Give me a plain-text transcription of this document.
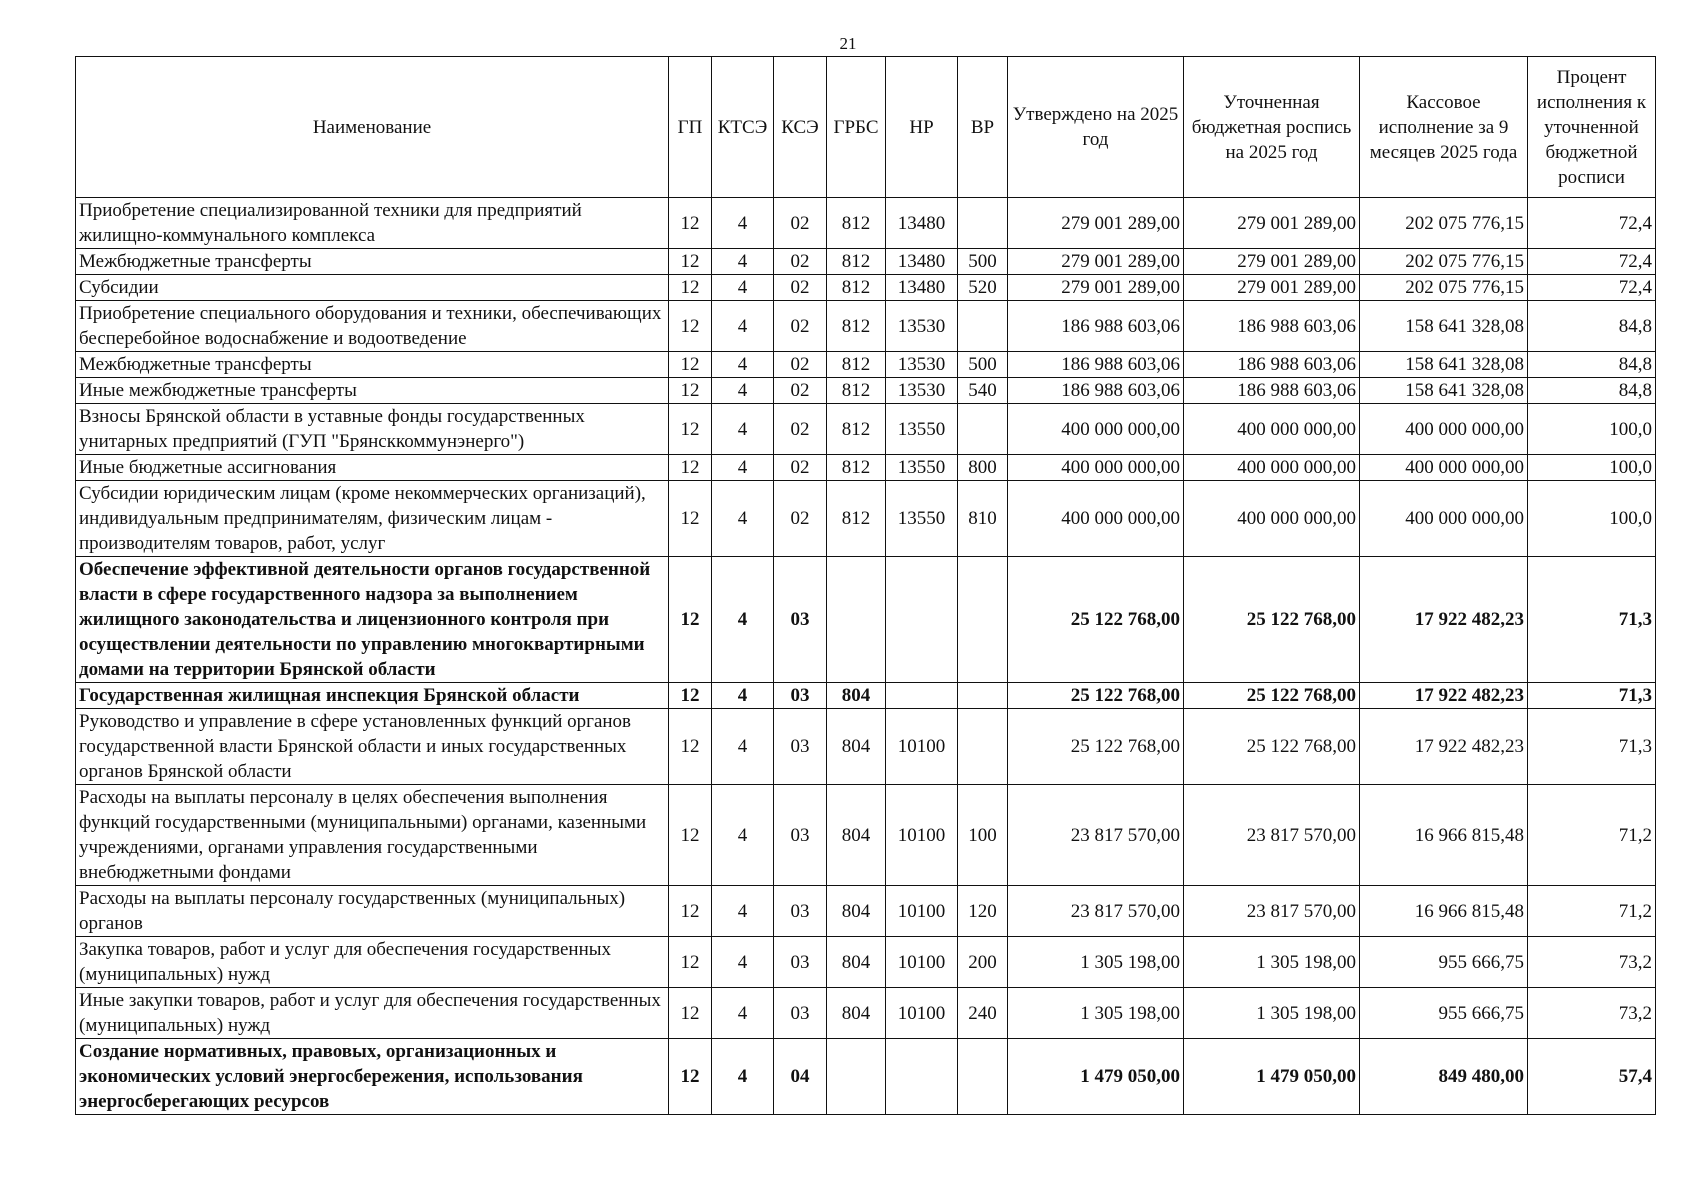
21
Наименование	ГП	КТСЭ	КСЭ	ГРБС	НР	ВР	Утверждено на 2025 год	Уточненная бюджетная роспись на 2025 год	Кассовое исполнение за 9 месяцев 2025 года	Процент исполнения к уточненной бюджетной росписи
Приобретение специализированной техники для предприятий жилищно-коммунального комплекса	12	4	02	812	13480		279 001 289,00	279 001 289,00	202 075 776,15	72,4
Межбюджетные трансферты	12	4	02	812	13480	500	279 001 289,00	279 001 289,00	202 075 776,15	72,4
Субсидии	12	4	02	812	13480	520	279 001 289,00	279 001 289,00	202 075 776,15	72,4
Приобретение специального оборудования и техники, обеспечивающих бесперебойное водоснабжение и водоотведение	12	4	02	812	13530		186 988 603,06	186 988 603,06	158 641 328,08	84,8
Межбюджетные трансферты	12	4	02	812	13530	500	186 988 603,06	186 988 603,06	158 641 328,08	84,8
Иные межбюджетные трансферты	12	4	02	812	13530	540	186 988 603,06	186 988 603,06	158 641 328,08	84,8
Взносы Брянской области в уставные фонды государственных унитарных предприятий (ГУП "Брянсккоммунэнерго")	12	4	02	812	13550		400 000 000,00	400 000 000,00	400 000 000,00	100,0
Иные бюджетные ассигнования	12	4	02	812	13550	800	400 000 000,00	400 000 000,00	400 000 000,00	100,0
Субсидии юридическим лицам (кроме некоммерческих организаций), индивидуальным предпринимателям, физическим лицам - производителям товаров, работ, услуг	12	4	02	812	13550	810	400 000 000,00	400 000 000,00	400 000 000,00	100,0
Обеспечение эффективной деятельности органов государственной власти в сфере государственного надзора за выполнением жилищного законодательства и лицензионного контроля при осуществлении деятельности по управлению многоквартирными домами на территории Брянской области	12	4	03				25 122 768,00	25 122 768,00	17 922 482,23	71,3
Государственная жилищная инспекция Брянской области	12	4	03	804			25 122 768,00	25 122 768,00	17 922 482,23	71,3
Руководство и управление в сфере установленных функций органов государственной власти Брянской области и иных государственных органов Брянской области	12	4	03	804	10100		25 122 768,00	25 122 768,00	17 922 482,23	71,3
Расходы на выплаты персоналу в целях обеспечения выполнения функций государственными (муниципальными) органами, казенными учреждениями, органами управления государственными внебюджетными фондами	12	4	03	804	10100	100	23 817 570,00	23 817 570,00	16 966 815,48	71,2
Расходы на выплаты персоналу государственных (муниципальных) органов	12	4	03	804	10100	120	23 817 570,00	23 817 570,00	16 966 815,48	71,2
Закупка товаров, работ и услуг для обеспечения государственных (муниципальных) нужд	12	4	03	804	10100	200	1 305 198,00	1 305 198,00	955 666,75	73,2
Иные закупки товаров, работ и услуг для обеспечения государственных (муниципальных) нужд	12	4	03	804	10100	240	1 305 198,00	1 305 198,00	955 666,75	73,2
Создание нормативных, правовых, организационных и экономических условий энергосбережения, использования энергосберегающих ресурсов	12	4	04				1 479 050,00	1 479 050,00	849 480,00	57,4
